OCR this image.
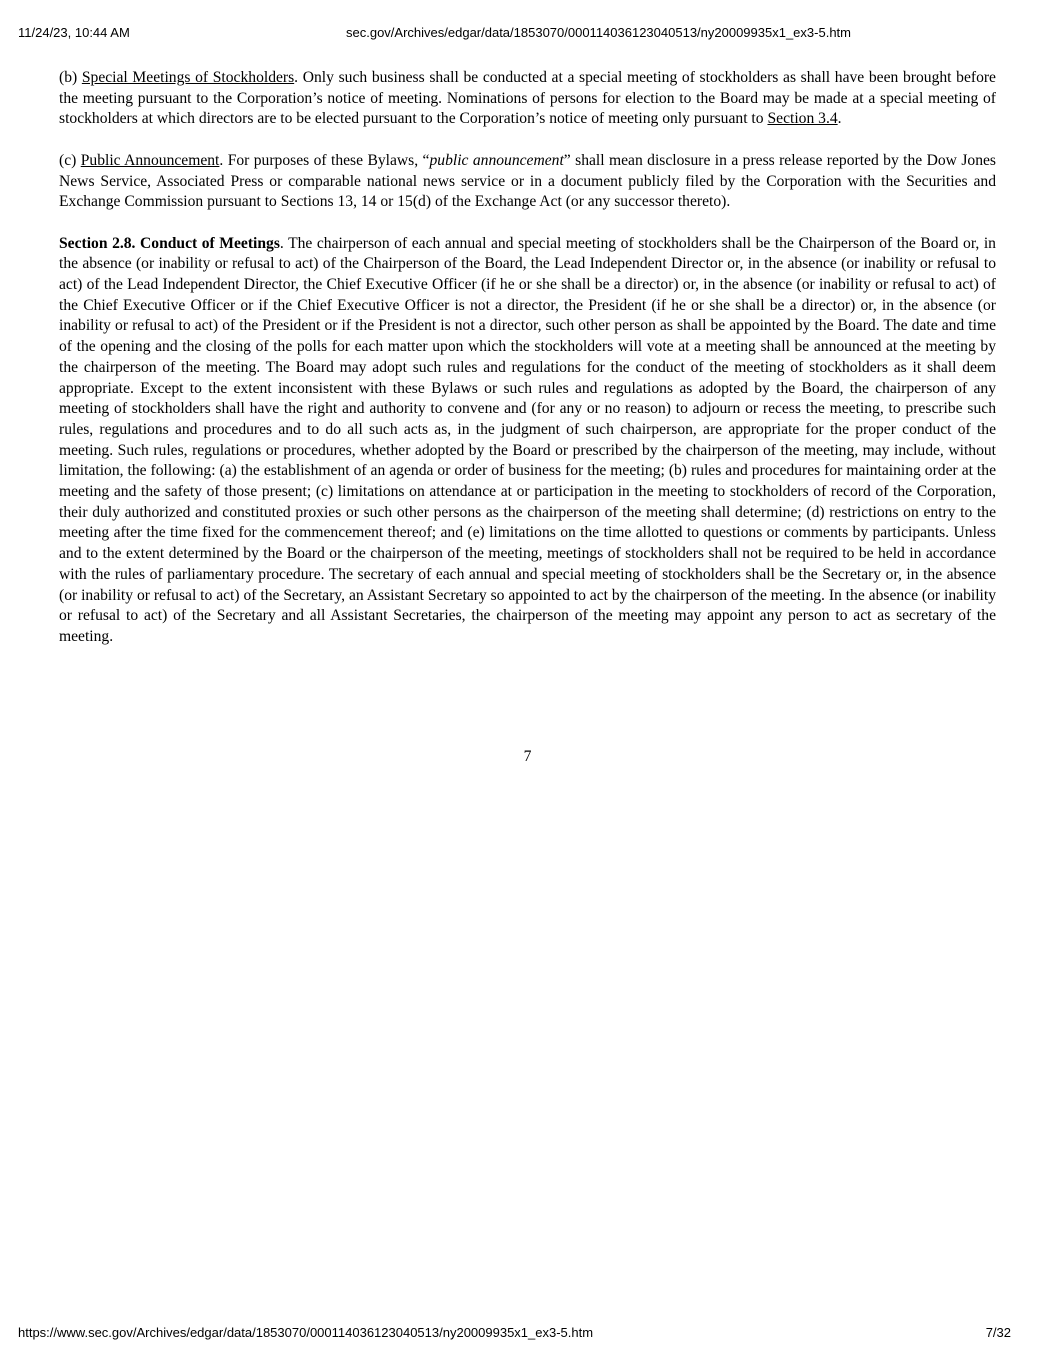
11/24/23, 10:44 AM	sec.gov/Archives/edgar/data/1853070/000114036123040513/ny20009935x1_ex3-5.htm

(b) Special Meetings of Stockholders. Only such business shall be conducted at a special meeting of stockholders as shall have been brought before the meeting pursuant to the Corporation’s notice of meeting. Nominations of persons for election to the Board may be made at a special meeting of stockholders at which directors are to be elected pursuant to the Corporation’s notice of meeting only pursuant to Section 3.4.

(c) Public Announcement. For purposes of these Bylaws, “public announcement” shall mean disclosure in a press release reported by the Dow Jones News Service, Associated Press or comparable national news service or in a document publicly filed by the Corporation with the Securities and Exchange Commission pursuant to Sections 13, 14 or 15(d) of the Exchange Act (or any successor thereto).

Section 2.8. Conduct of Meetings. The chairperson of each annual and special meeting of stockholders shall be the Chairperson of the Board or, in the absence (or inability or refusal to act) of the Chairperson of the Board, the Lead Independent Director or, in the absence (or inability or refusal to act) of the Lead Independent Director, the Chief Executive Officer (if he or she shall be a director) or, in the absence (or inability or refusal to act) of the Chief Executive Officer or if the Chief Executive Officer is not a director, the President (if he or she shall be a director) or, in the absence (or inability or refusal to act) of the President or if the President is not a director, such other person as shall be appointed by the Board. The date and time of the opening and the closing of the polls for each matter upon which the stockholders will vote at a meeting shall be announced at the meeting by the chairperson of the meeting. The Board may adopt such rules and regulations for the conduct of the meeting of stockholders as it shall deem appropriate. Except to the extent inconsistent with these Bylaws or such rules and regulations as adopted by the Board, the chairperson of any meeting of stockholders shall have the right and authority to convene and (for any or no reason) to adjourn or recess the meeting, to prescribe such rules, regulations and procedures and to do all such acts as, in the judgment of such chairperson, are appropriate for the proper conduct of the meeting. Such rules, regulations or procedures, whether adopted by the Board or prescribed by the chairperson of the meeting, may include, without limitation, the following: (a) the establishment of an agenda or order of business for the meeting; (b) rules and procedures for maintaining order at the meeting and the safety of those present; (c) limitations on attendance at or participation in the meeting to stockholders of record of the Corporation, their duly authorized and constituted proxies or such other persons as the chairperson of the meeting shall determine; (d) restrictions on entry to the meeting after the time fixed for the commencement thereof; and (e) limitations on the time allotted to questions or comments by participants. Unless and to the extent determined by the Board or the chairperson of the meeting, meetings of stockholders shall not be required to be held in accordance with the rules of parliamentary procedure. The secretary of each annual and special meeting of stockholders shall be the Secretary or, in the absence (or inability or refusal to act) of the Secretary, an Assistant Secretary so appointed to act by the chairperson of the meeting. In the absence (or inability or refusal to act) of the Secretary and all Assistant Secretaries, the chairperson of the meeting may appoint any person to act as secretary of the meeting.

7
https://www.sec.gov/Archives/edgar/data/1853070/000114036123040513/ny20009935x1_ex3-5.htm	7/32
